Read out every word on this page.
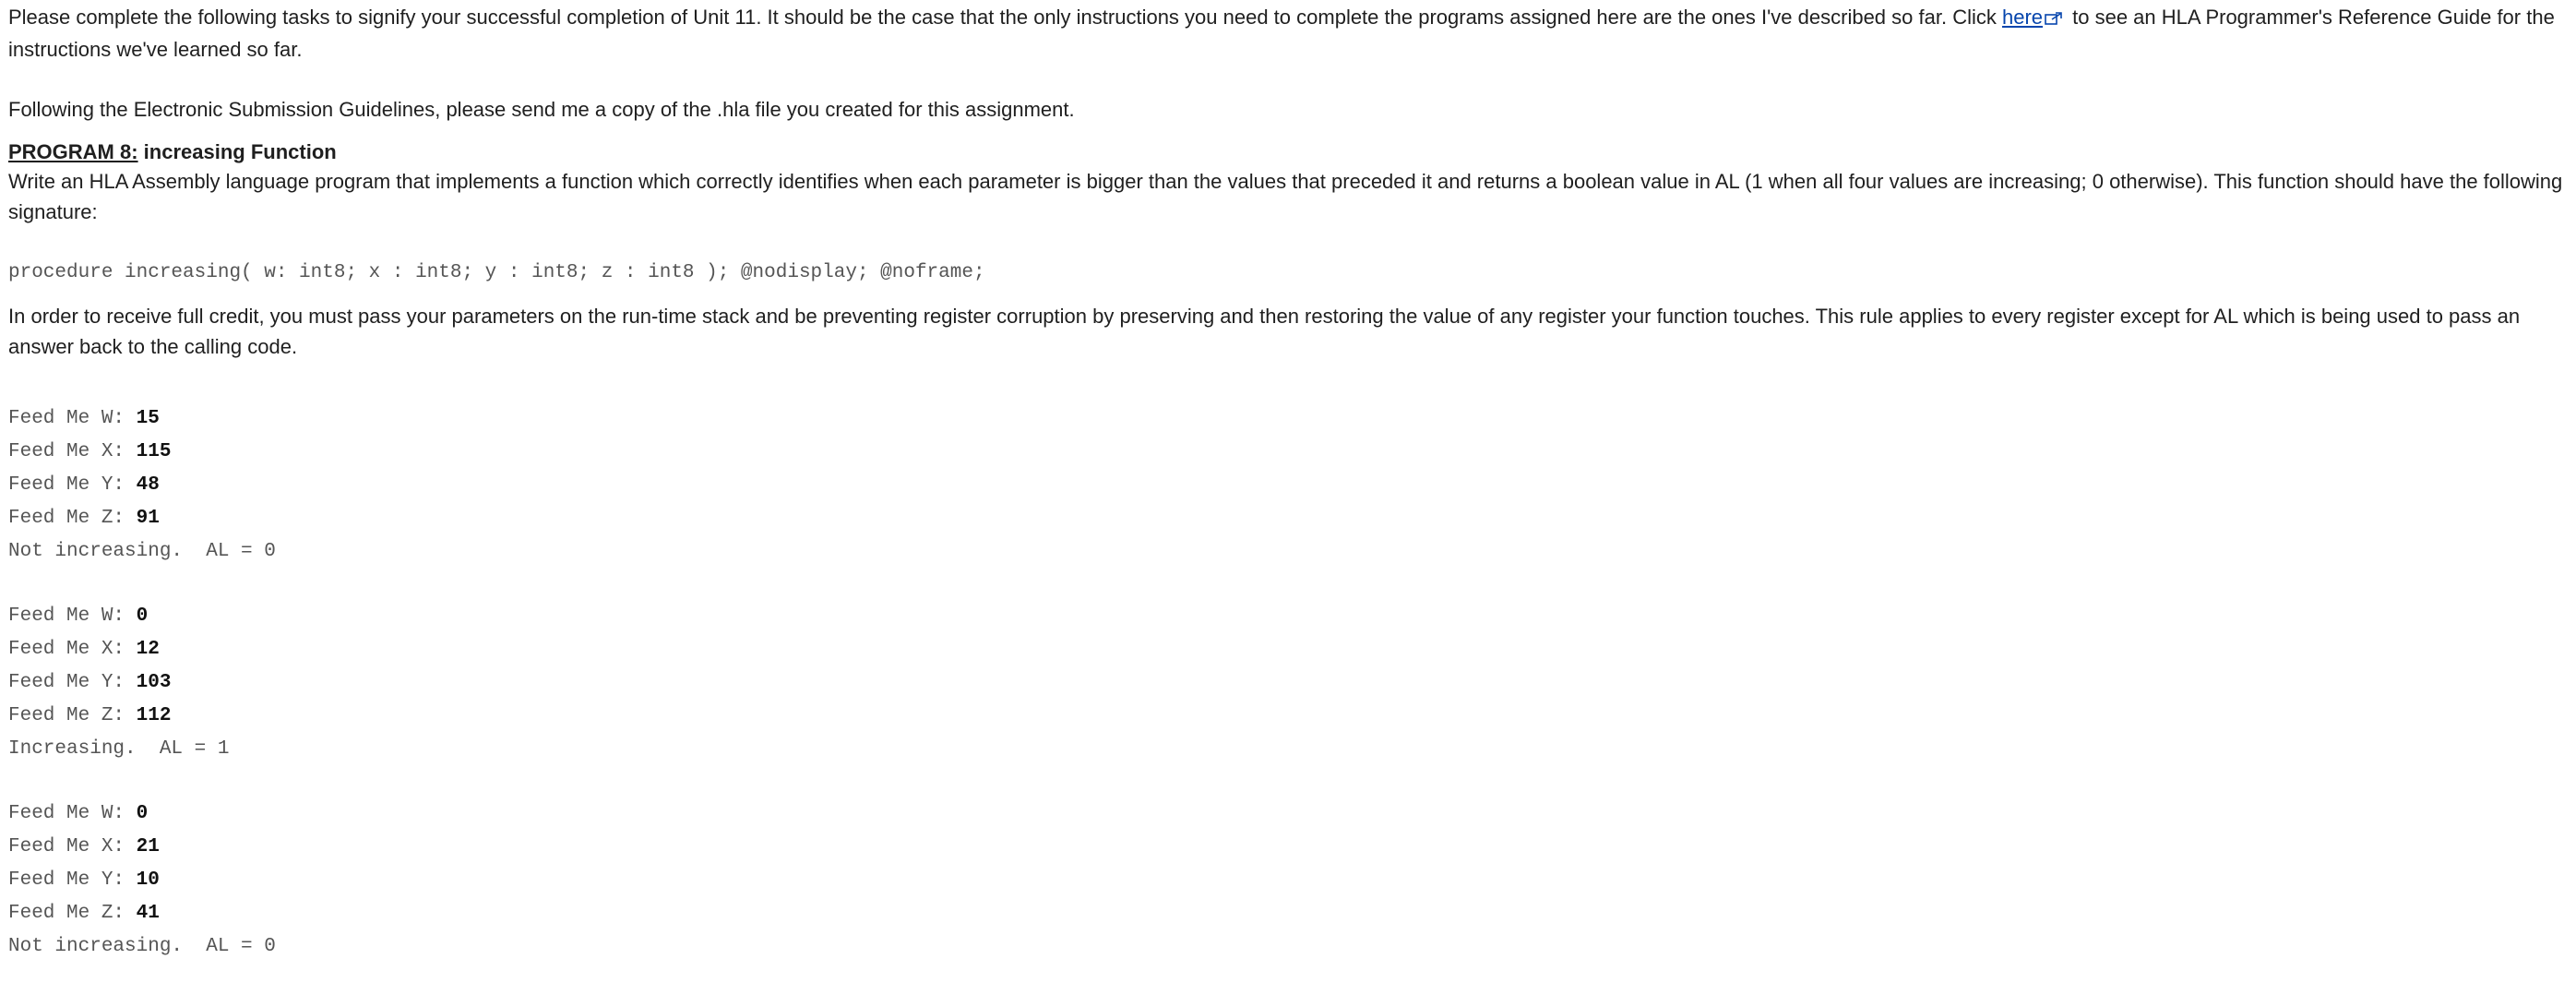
Please complete the following tasks to signify your successful completion of Unit 11. It should be the case that the only instructions you need to complete the programs assigned here are the ones I've described so far. Click here to see an HLA Programmer's Reference Guide for the instructions we've learned so far.

Following the Electronic Submission Guidelines, please send me a copy of the .hla file you created for this assignment.

PROGRAM 8: increasing Function

Write an HLA Assembly language program that implements a function which correctly identifies when each parameter is bigger than the values that preceded it and returns a boolean value in AL (1 when all four values are increasing; 0 otherwise). This function should have the following signature:

procedure increasing( w: int8; x : int8; y : int8; z : int8 ); @nodisplay; @noframe;

In order to receive full credit, you must pass your parameters on the run-time stack and be preventing register corruption by preserving and then restoring the value of any register your function touches. This rule applies to every register except for AL which is being used to pass an answer back to the calling code.

Feed Me W: 15
Feed Me X: 115
Feed Me Y: 48
Feed Me Z: 91
Not increasing.  AL = 0
Feed Me W: 0
Feed Me X: 12
Feed Me Y: 103
Feed Me Z: 112
Increasing.  AL = 1
Feed Me W: 0
Feed Me X: 21
Feed Me Y: 10
Feed Me Z: 41
Not increasing.  AL = 0
